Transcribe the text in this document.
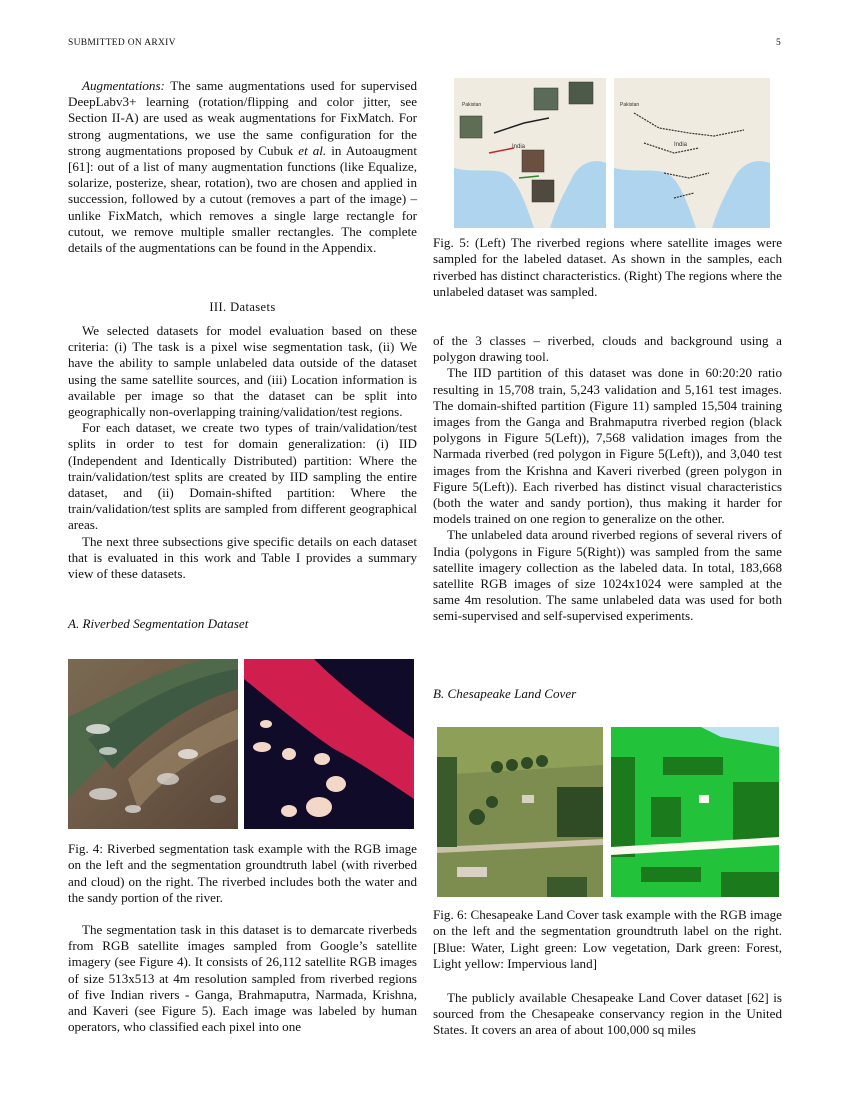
SUBMITTED ON ARXIV	5

Augmentations: The same augmentations used for supervised DeepLabv3+ learning (rotation/flipping and color jitter, see Section II-A) are used as weak augmentations for FixMatch. For strong augmentations, we use the same configuration for the strong augmentations proposed by Cubuk et al. in Autoaugment [61]: out of a list of many augmentation functions (like Equalize, solarize, posterize, shear, rotation), two are chosen and applied in succession, followed by a cutout (removes a part of the image) – unlike FixMatch, which removes a single large rectangle for cutout, we remove multiple smaller rectangles. The complete details of the augmentations can be found in the Appendix.

III. Datasets

We selected datasets for model evaluation based on these criteria: (i) The task is a pixel wise segmentation task, (ii) We have the ability to sample unlabeled data outside of the dataset using the same satellite sources, and (iii) Location information is available per image so that the dataset can be split into geographically non-overlapping training/validation/test regions.

For each dataset, we create two types of train/validation/test splits in order to test for domain generalization: (i) IID (Independent and Identically Distributed) partition: Where the train/validation/test splits are created by IID sampling the entire dataset, and (ii) Domain-shifted partition: Where the train/validation/test splits are sampled from different geographical areas.

The next three subsections give specific details on each dataset that is evaluated in this work and Table I provides a summary view of these datasets.

A. Riverbed Segmentation Dataset
Fig. 4: Riverbed segmentation task example with the RGB image on the left and the segmentation groundtruth label (with riverbed and cloud) on the right. The riverbed includes both the water and the sandy portion of the river.

The segmentation task in this dataset is to demarcate riverbeds from RGB satellite images sampled from Google’s satellite imagery (see Figure 4). It consists of 26,112 satellite RGB images of size 513x513 at 4m resolution sampled from riverbed regions of five Indian rivers - Ganga, Brahmaputra, Narmada, Krishna, and Kaveri (see Figure 5). Each image was labeled by human operators, who classified each pixel into one

Pakistan
India
Pakistan
India
Fig. 5: (Left) The riverbed regions where satellite images were sampled for the labeled dataset. As shown in the samples, each riverbed has distinct characteristics. (Right) The regions where the unlabeled dataset was sampled.

of the 3 classes – riverbed, clouds and background using a polygon drawing tool.

The IID partition of this dataset was done in 60:20:20 ratio resulting in 15,708 train, 5,243 validation and 5,161 test images. The domain-shifted partition (Figure 11) sampled 15,504 training images from the Ganga and Brahmaputra riverbed region (black polygons in Figure 5(Left)), 7,568 validation images from the Narmada riverbed (red polygon in Figure 5(Left)), and 3,040 test images from the Krishna and Kaveri riverbed (green polygon in Figure 5(Left)). Each riverbed has distinct visual characteristics (both the water and sandy portion), thus making it harder for models trained on one region to generalize on the other.

The unlabeled data around riverbed regions of several rivers of India (polygons in Figure 5(Right)) was sampled from the same satellite imagery collection as the labeled data. In total, 183,668 satellite RGB images of size 1024x1024 were sampled at the same 4m resolution. The same unlabeled data was used for both semi-supervised and self-supervised experiments.

B. Chesapeake Land Cover
Fig. 6: Chesapeake Land Cover task example with the RGB image on the left and the segmentation groundtruth label on the right. [Blue: Water, Light green: Low vegetation, Dark green: Forest, Light yellow: Impervious land]

The publicly available Chesapeake Land Cover dataset [62] is sourced from the Chesapeake conservancy region in the United States. It covers an area of about 100,000 sq miles
